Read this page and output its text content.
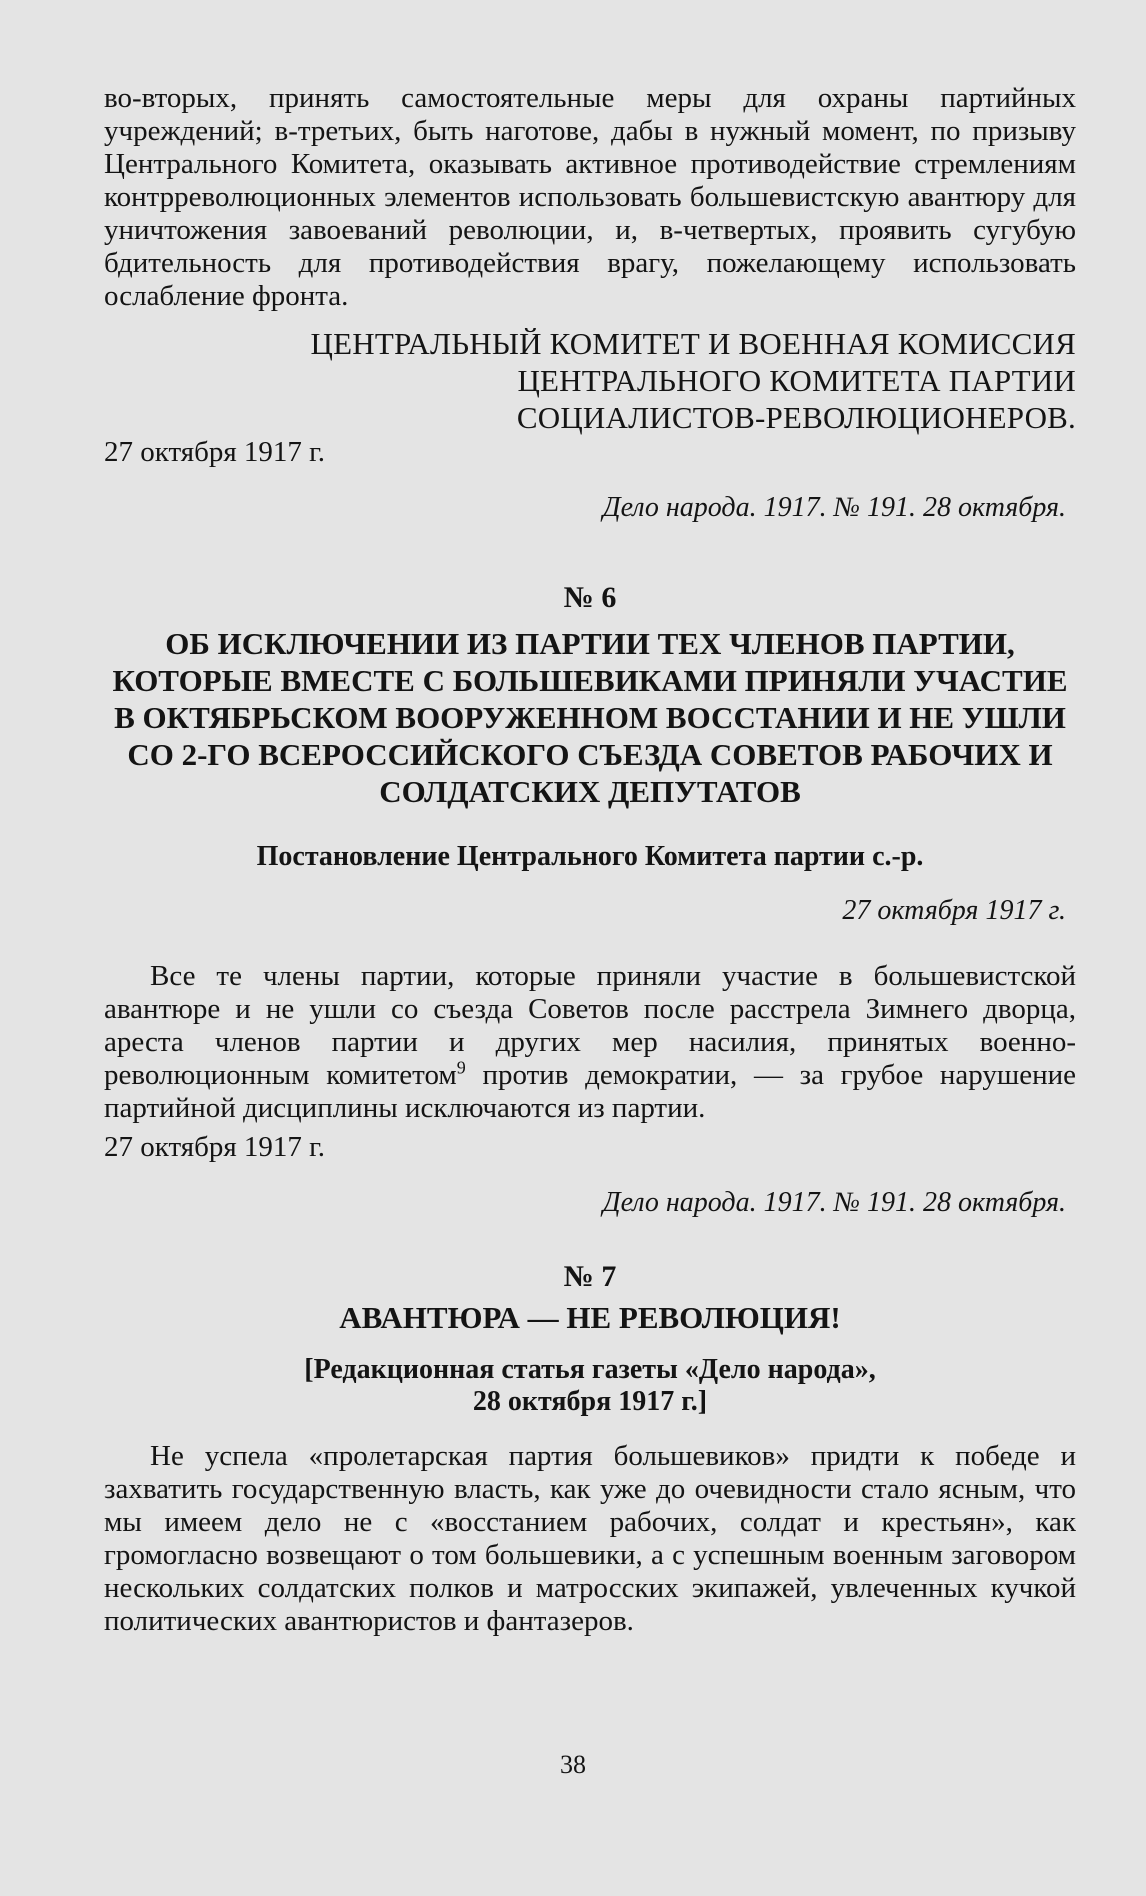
во-вторых, принять самостоятельные меры для охраны партийных учреждений; в-третьих, быть наготове, дабы в нужный момент, по призыву Центрального Комитета, оказывать активное противодействие стремлениям контрреволюционных элементов использовать большевистскую авантюру для уничтожения завоеваний революции, и, в-четвертых, проявить сугубую бдительность для противодействия врагу, пожелающему использовать ослабление фронта.

ЦЕНТРАЛЬНЫЙ КОМИТЕТ И ВОЕННАЯ КОМИССИЯ
ЦЕНТРАЛЬНОГО КОМИТЕТА ПАРТИИ
СОЦИАЛИСТОВ-РЕВОЛЮЦИОНЕРОВ.
27 октября 1917 г.
Дело народа. 1917. № 191. 28 октября.
№ 6
ОБ ИСКЛЮЧЕНИИ ИЗ ПАРТИИ ТЕХ ЧЛЕНОВ ПАРТИИ, КОТОРЫЕ ВМЕСТЕ С БОЛЬШЕВИКАМИ ПРИНЯЛИ УЧАСТИЕ В ОКТЯБРЬСКОМ ВООРУЖЕННОМ ВОССТАНИИ И НЕ УШЛИ СО 2-ГО ВСЕРОССИЙСКОГО СЪЕЗДА СОВЕТОВ РАБОЧИХ И СОЛДАТСКИХ ДЕПУТАТОВ
Постановление Центрального Комитета партии с.-р.
27 октября 1917 г.

Все те члены партии, которые приняли участие в большевистской авантюре и не ушли со съезда Советов после расстрела Зимнего дворца, ареста членов партии и других мер насилия, принятых военно-революционным комитетом$^9$ против демократии, — за грубое нарушение партийной дисциплины исключаются из партии.

27 октября 1917 г.
Дело народа. 1917. № 191. 28 октября.
№ 7
АВАНТЮРА — НЕ РЕВОЛЮЦИЯ!
[Редакционная статья газеты «Дело народа»,
28 октября 1917 г.]

Не успела «пролетарская партия большевиков» придти к победе и захватить государственную власть, как уже до очевидности стало ясным, что мы имеем дело не с «восстанием рабочих, солдат и крестьян», как громогласно возвещают о том большевики, а с успешным военным заговором нескольких солдатских полков и матросских экипажей, увлеченных кучкой политических авантюристов и фантазеров.

38
